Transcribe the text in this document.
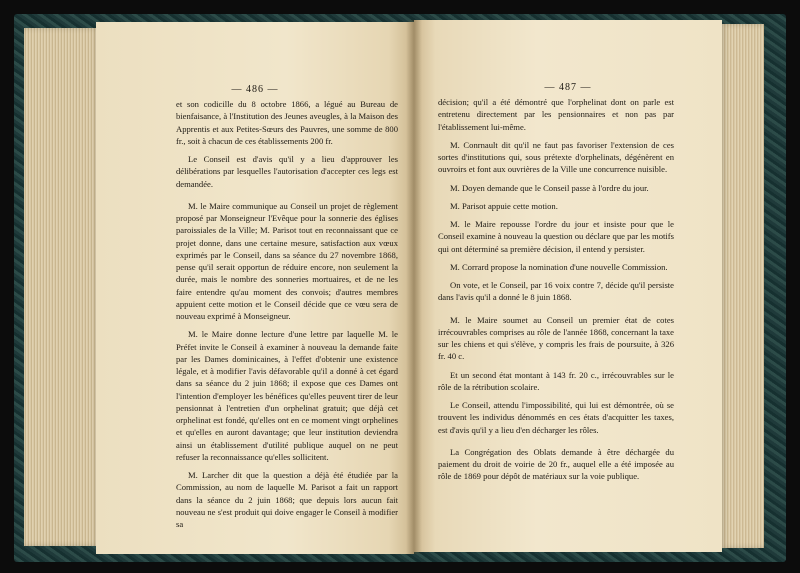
— 486 —

et son codicille du 8 octobre 1866, a légué au Bureau de bienfaisance, à l'Institution des Jeunes aveugles, à la Maison des Apprentis et aux Petites-Sœurs des Pauvres, une somme de 800 fr., soit à chacun de ces établissements 200 fr.

Le Conseil est d'avis qu'il y a lieu d'approuver les délibérations par lesquelles l'autorisation d'accepter ces legs est demandée.

M. le Maire communique au Conseil un projet de règlement proposé par Monseigneur l'Evêque pour la sonnerie des églises paroissiales de la Ville; M. Parisot tout en reconnaissant que ce projet donne, dans une certaine mesure, satisfaction aux vœux exprimés par le Conseil, dans sa séance du 27 novembre 1868, pense qu'il serait opportun de réduire encore, non seulement la durée, mais le nombre des sonneries mortuaires, et de ne les faire entendre qu'au moment des convois; d'autres membres appuient cette motion et le Conseil décide que ce vœu sera de nouveau exprimé à Monseigneur.

M. le Maire donne lecture d'une lettre par laquelle M. le Préfet invite le Conseil à examiner à nouveau la demande faite par les Dames dominicaines, à l'effet d'obtenir une existence légale, et à modifier l'avis défavorable qu'il a donné à cet égard dans sa séance du 2 juin 1868; il expose que ces Dames ont l'intention d'employer les bénéfices qu'elles peuvent tirer de leur pensionnat à l'entretien d'un orphelinat gratuit; que déjà cet orphelinat est fondé, qu'elles ont en ce moment vingt orphelines et qu'elles en auront davantage; que leur institution deviendra ainsi un établissement d'utilité publique auquel on ne peut refuser la reconnaissance qu'elles sollicitent.

M. Larcher dit que la question a déjà été étudiée par la Commission, au nom de laquelle M. Parisot a fait un rapport dans la séance du 2 juin 1868; que depuis lors aucun fait nouveau ne s'est produit qui doive engager le Conseil à modifier sa

— 487 —

décision; qu'il a été démontré que l'orphelinat dont on parle est entretenu directement par les pensionnaires et non pas par l'établissement lui-même.

M. Conrnault dit qu'il ne faut pas favoriser l'extension de ces sortes d'institutions qui, sous prétexte d'orphelinats, dégénèrent en ouvroirs et font aux ouvrières de la Ville une concurrence nuisible.

M. Doyen demande que le Conseil passe à l'ordre du jour.

M. Parisot appuie cette motion.

M. le Maire repousse l'ordre du jour et insiste pour que le Conseil examine à nouveau la question ou déclare que par les motifs qui ont déterminé sa première décision, il entend y persister.

M. Corrard propose la nomination d'une nouvelle Commission.

On vote, et le Conseil, par 16 voix contre 7, décide qu'il persiste dans l'avis qu'il a donné le 8 juin 1868.

M. le Maire soumet au Conseil un premier état de cotes irrécouvrables comprises au rôle de l'année 1868, concernant la taxe sur les chiens et qui s'élève, y compris les frais de poursuite, à 326 fr. 40 c.

Et un second état montant à 143 fr. 20 c., irrécouvrables sur le rôle de la rétribution scolaire.

Le Conseil, attendu l'impossibilité, qui lui est démontrée, où se trouvent les individus dénommés en ces états d'acquitter les taxes, est d'avis qu'il y a lieu d'en décharger les rôles.

La Congrégation des Oblats demande à être déchargée du paiement du droit de voirie de 20 fr., auquel elle a été imposée au rôle de 1869 pour dépôt de matériaux sur la voie publique.
